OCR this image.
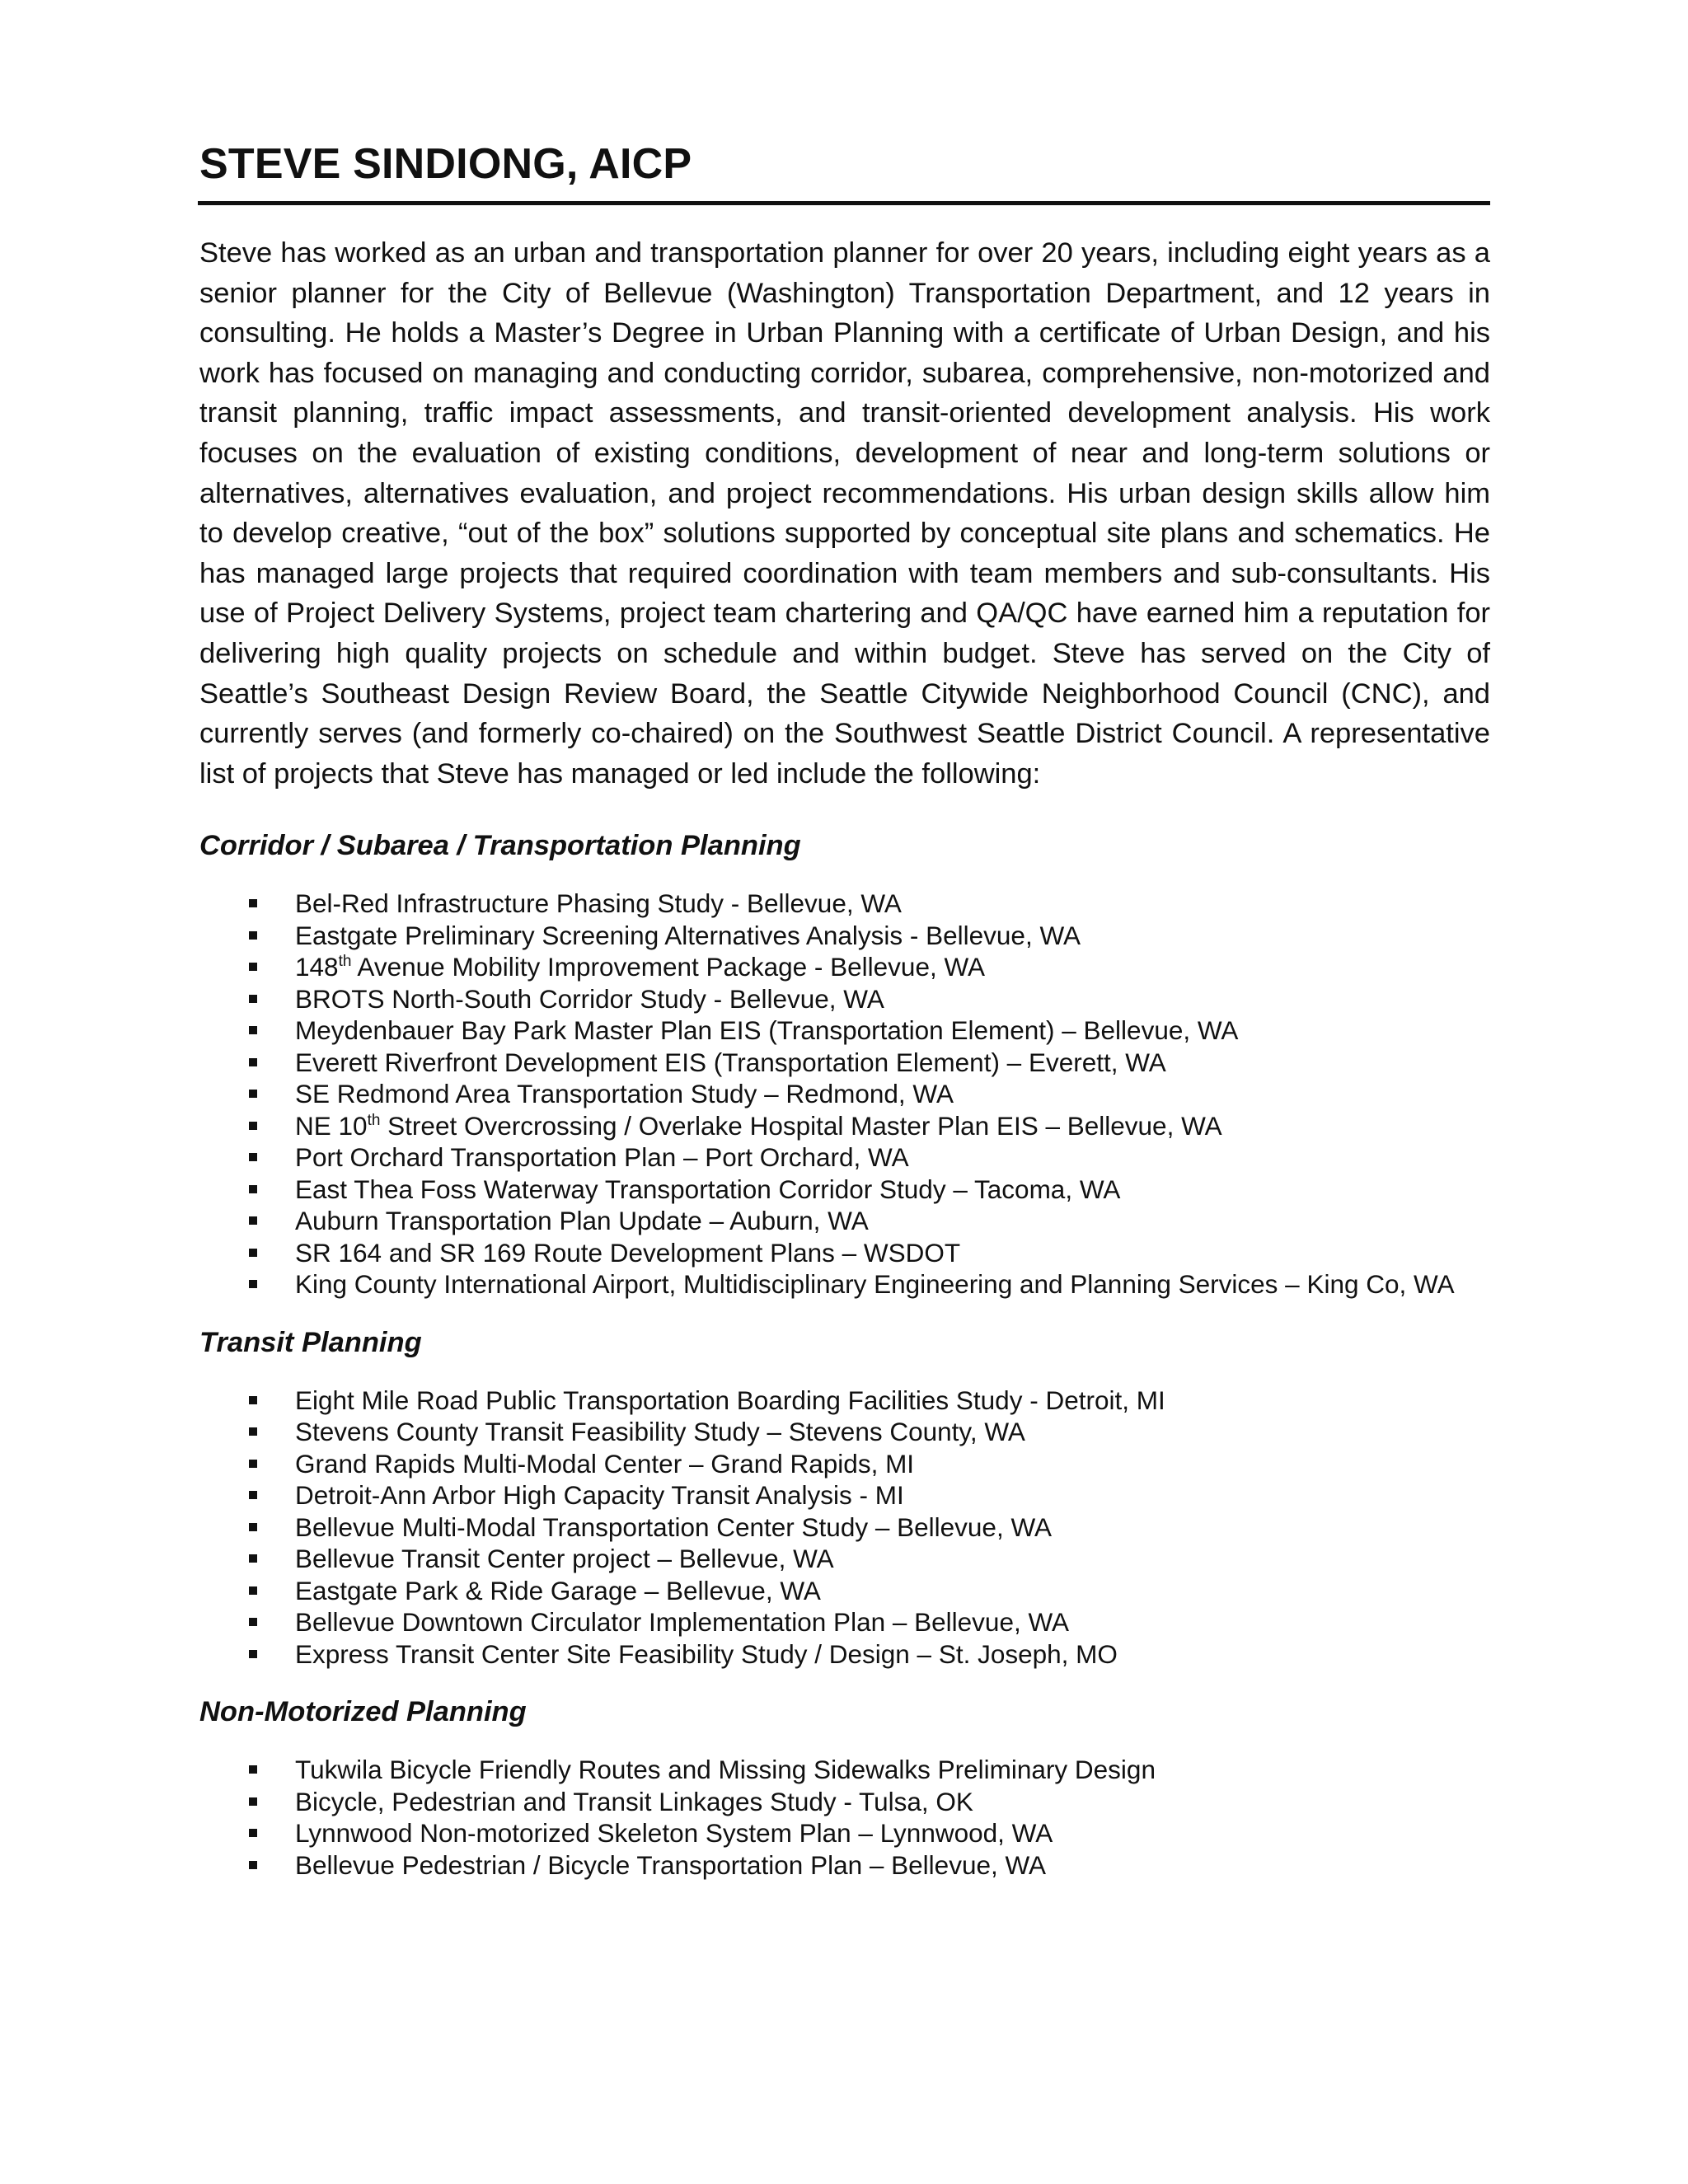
STEVE SINDIONG, AICP

Steve has worked as an urban and transportation planner for over 20 years, including eight years as a senior planner for the City of Bellevue (Washington) Transportation Department, and 12 years in consulting. He holds a Master’s Degree in Urban Planning with a certificate of Urban Design, and his work has focused on managing and conducting corridor, subarea, comprehensive, non-motorized and transit planning, traffic impact assessments, and transit-oriented development analysis. His work focuses on the evaluation of existing conditions, development of near and long-term solutions or alternatives, alternatives evaluation, and project recommendations. His urban design skills allow him to develop creative, “out of the box” solutions supported by conceptual site plans and schematics. He has managed large projects that required coordination with team members and sub-consultants. His use of Project Delivery Systems, project team chartering and QA/QC have earned him a reputation for delivering high quality projects on schedule and within budget. Steve has served on the City of Seattle’s Southeast Design Review Board, the Seattle Citywide Neighborhood Council (CNC), and currently serves (and formerly co-chaired) on the Southwest Seattle District Council. A representative list of projects that Steve has managed or led include the following:

Corridor / Subarea / Transportation Planning
Bel-Red Infrastructure Phasing Study - Bellevue, WA
Eastgate Preliminary Screening Alternatives Analysis - Bellevue, WA
148th Avenue Mobility Improvement Package - Bellevue, WA
BROTS North-South Corridor Study - Bellevue, WA
Meydenbauer Bay Park Master Plan EIS (Transportation Element) – Bellevue, WA
Everett Riverfront Development EIS (Transportation Element) – Everett, WA
SE Redmond Area Transportation Study – Redmond, WA
NE 10th Street Overcrossing / Overlake Hospital Master Plan EIS – Bellevue, WA
Port Orchard Transportation Plan – Port Orchard, WA
East Thea Foss Waterway Transportation Corridor Study – Tacoma, WA
Auburn Transportation Plan Update – Auburn, WA
SR 164 and SR 169 Route Development Plans – WSDOT
King County International Airport, Multidisciplinary Engineering and Planning Services – King Co, WA
Transit Planning
Eight Mile Road Public Transportation Boarding Facilities Study - Detroit, MI
Stevens County Transit Feasibility Study – Stevens County, WA
Grand Rapids Multi-Modal Center – Grand Rapids, MI
Detroit-Ann Arbor High Capacity Transit Analysis - MI
Bellevue Multi-Modal Transportation Center Study – Bellevue, WA
Bellevue Transit Center project – Bellevue, WA
Eastgate Park & Ride Garage – Bellevue, WA
Bellevue Downtown Circulator Implementation Plan – Bellevue, WA
Express Transit Center Site Feasibility Study / Design – St. Joseph, MO
Non-Motorized Planning
Tukwila Bicycle Friendly Routes and Missing Sidewalks Preliminary Design
Bicycle, Pedestrian and Transit Linkages Study - Tulsa, OK
Lynnwood Non-motorized Skeleton System Plan – Lynnwood, WA
Bellevue Pedestrian / Bicycle Transportation Plan – Bellevue, WA
